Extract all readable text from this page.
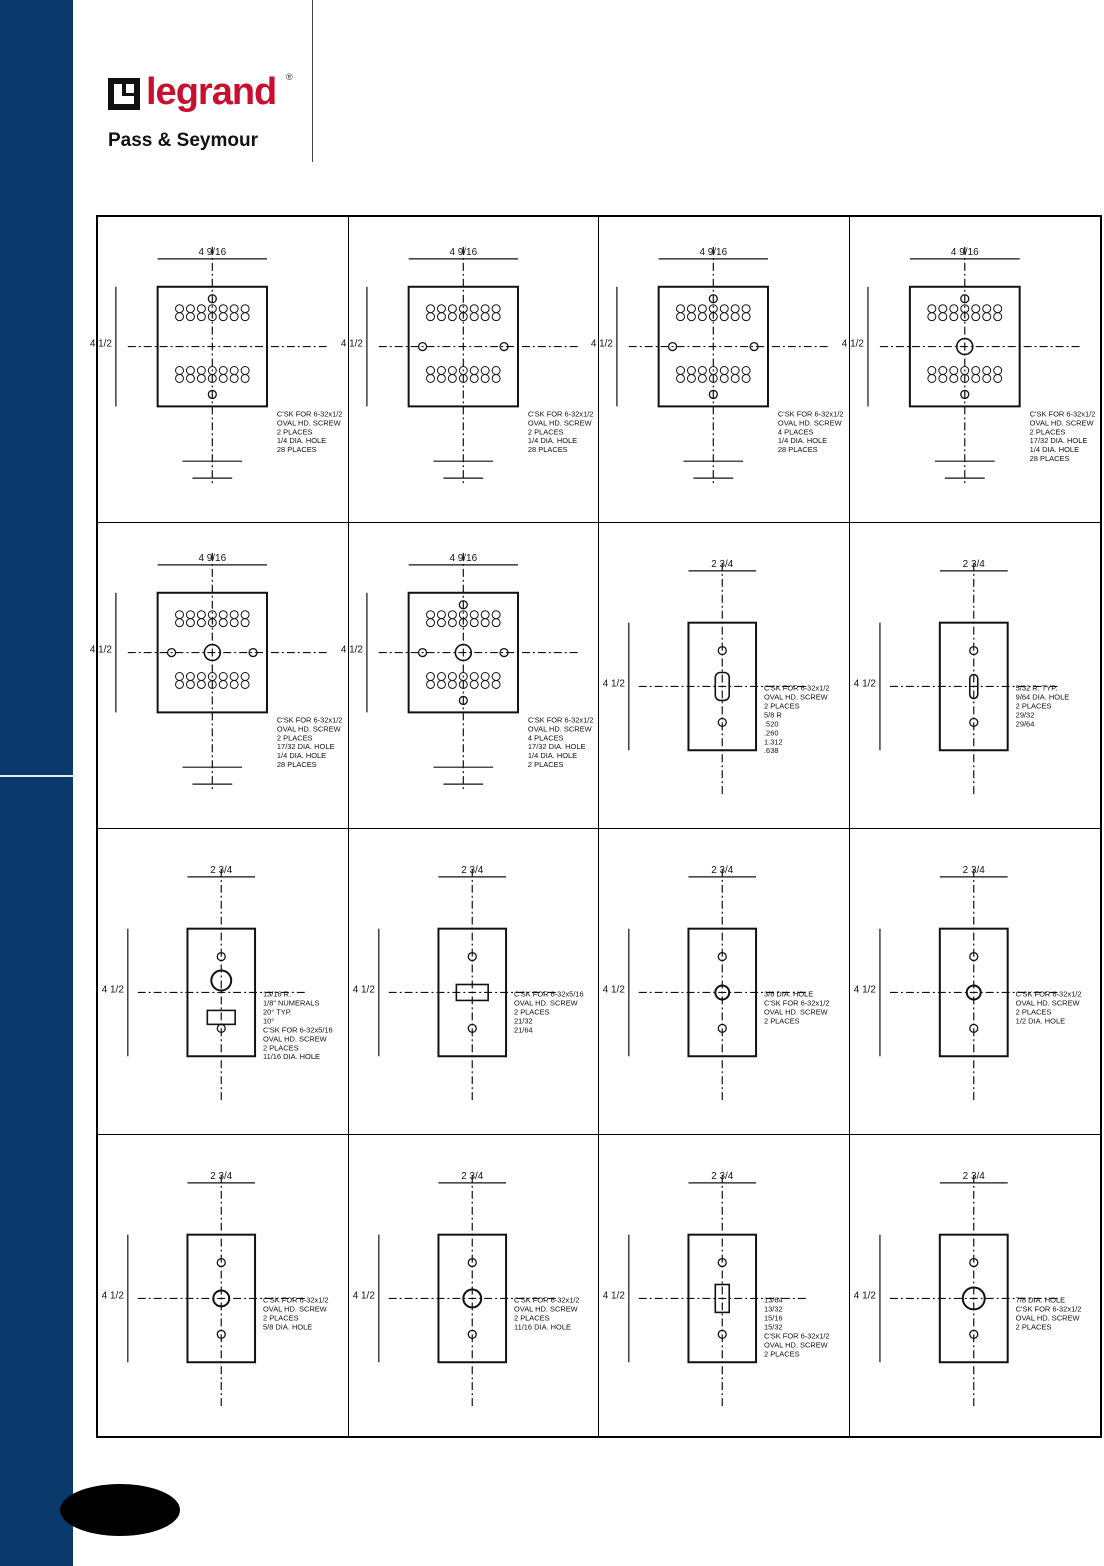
legrand ®
Pass & Seymour
4 9/16
4 1/2
C'SK FOR 6-32x1/2
OVAL HD. SCREW
2 PLACES
1/4 DIA. HOLE
28 PLACES
4 9/16
4 1/2
C'SK FOR 6-32x1/2
OVAL HD. SCREW
2 PLACES
1/4 DIA. HOLE
28 PLACES
4 9/16
4 1/2
C'SK FOR 6-32x1/2
OVAL HD. SCREW
4 PLACES
1/4 DIA. HOLE
28 PLACES
4 9/16
4 1/2
C'SK FOR 6-32x1/2
OVAL HD. SCREW
2 PLACES
17/32 DIA. HOLE
1/4 DIA. HOLE
28 PLACES
4 9/16
4 1/2
C'SK FOR 6-32x1/2
OVAL HD. SCREW
2 PLACES
17/32 DIA. HOLE
1/4 DIA. HOLE
28 PLACES
4 9/16
4 1/2
C'SK FOR 6-32x1/2
OVAL HD. SCREW
4 PLACES
17/32 DIA. HOLE
1/4 DIA. HOLE
2 PLACES
2 3/4
4 1/2	C'SK FOR 6-32x1/2
OVAL HD. SCREW
2 PLACES
5/8 R
.520
.260
1.312
.638
2 3/4
4 1/2	5/32 R. TYP.
9/64 DIA. HOLE
2 PLACES
29/32
29/64
2 3/4
4 1/2	13/16 R.
1/8" NUMERALS
20° TYP.
10°
C'SK FOR 6-32x5/16
OVAL HD. SCREW
2 PLACES
11/16 DIA. HOLE
2 3/4
4 1/2	C'SK FOR 6-32x5/16
OVAL HD. SCREW
2 PLACES
21/32
21/64
2 3/4
4 1/2	3/8 DIA. HOLE
C'SK FOR 6-32x1/2
OVAL HD. SCREW
2 PLACES
2 3/4
4 1/2	C'SK FOR 6-32x1/2
OVAL HD. SCREW
2 PLACES
1/2 DIA. HOLE
2 3/4
4 1/2	C'SK FOR 6-32x1/2
OVAL HD. SCREW
2 PLACES
5/8 DIA. HOLE
2 3/4
4 1/2	C'SK FOR 6-32x1/2
OVAL HD. SCREW
2 PLACES
11/16 DIA. HOLE
2 3/4
4 1/2	13/64
13/32
15/16
15/32
C'SK FOR 6-32x1/2
OVAL HD. SCREW
2 PLACES
2 3/4
4 1/2	7/8 DIA. HOLE
C'SK FOR 6-32x1/2
OVAL HD. SCREW
2 PLACES
